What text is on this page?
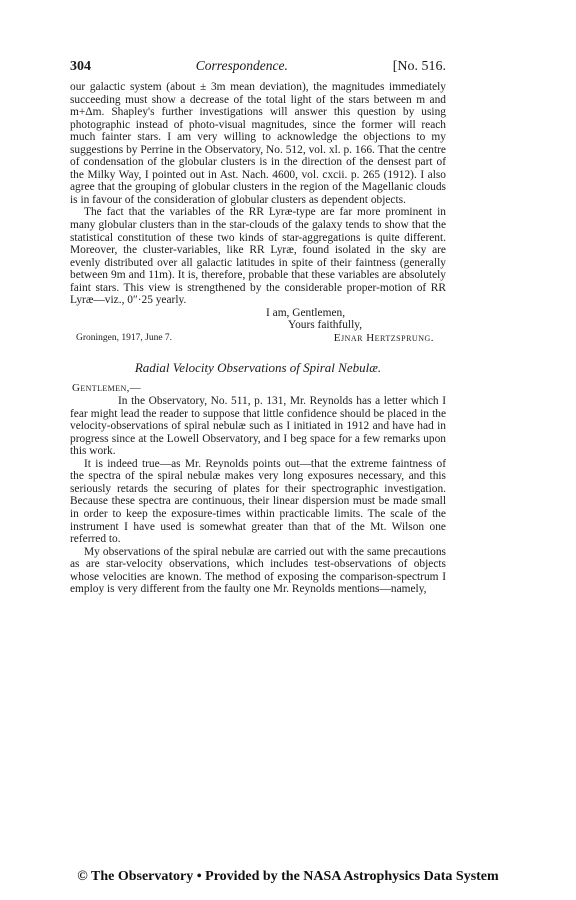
304	Correspondence.	[No. 516.

our galactic system (about ± 3m mean deviation), the magnitudes immediately succeeding must show a decrease of the total light of the stars between m and m+Δm. Shapley's further investigations will answer this question by using photographic instead of photo-visual magnitudes, since the former will reach much fainter stars. I am very willing to acknowledge the objections to my suggestions by Perrine in the Observatory, No. 512, vol. xl. p. 166. That the centre of condensation of the globular clusters is in the direction of the densest part of the Milky Way, I pointed out in Ast. Nach. 4600, vol. cxcii. p. 265 (1912). I also agree that the grouping of globular clusters in the region of the Magellanic clouds is in favour of the consideration of globular clusters as dependent objects.

The fact that the variables of the RR Lyræ-type are far more prominent in many globular clusters than in the star-clouds of the galaxy tends to show that the statistical constitution of these two kinds of star-aggregations is quite different. Moreover, the cluster-variables, like RR Lyræ, found isolated in the sky are evenly distributed over all galactic latitudes in spite of their faintness (generally between 9m and 11m). It is, therefore, probable that these variables are absolutely faint stars. This view is strengthened by the considerable proper-motion of RR Lyræ—viz., 0″·25 yearly.

I am, Gentlemen,
Yours faithfully,
Groningen, 1917, June 7.	Ejnar Hertzsprung.
Radial Velocity Observations of Spiral Nebulæ.
Gentlemen,—

In the Observatory, No. 511, p. 131, Mr. Reynolds has a letter which I fear might lead the reader to suppose that little confidence should be placed in the velocity-observations of spiral nebulæ such as I initiated in 1912 and have had in progress since at the Lowell Observatory, and I beg space for a few remarks upon this work.

It is indeed true—as Mr. Reynolds points out—that the extreme faintness of the spectra of the spiral nebulæ makes very long exposures necessary, and this seriously retards the securing of plates for their spectrographic investigation. Because these spectra are continuous, their linear dispersion must be made small in order to keep the exposure-times within practicable limits. The scale of the instrument I have used is somewhat greater than that of the Mt. Wilson one referred to.

My observations of the spiral nebulæ are carried out with the same precautions as are star-velocity observations, which includes test-observations of objects whose velocities are known. The method of exposing the comparison-spectrum I employ is very different from the faulty one Mr. Reynolds mentions—namely,

© The Observatory • Provided by the NASA Astrophysics Data System
